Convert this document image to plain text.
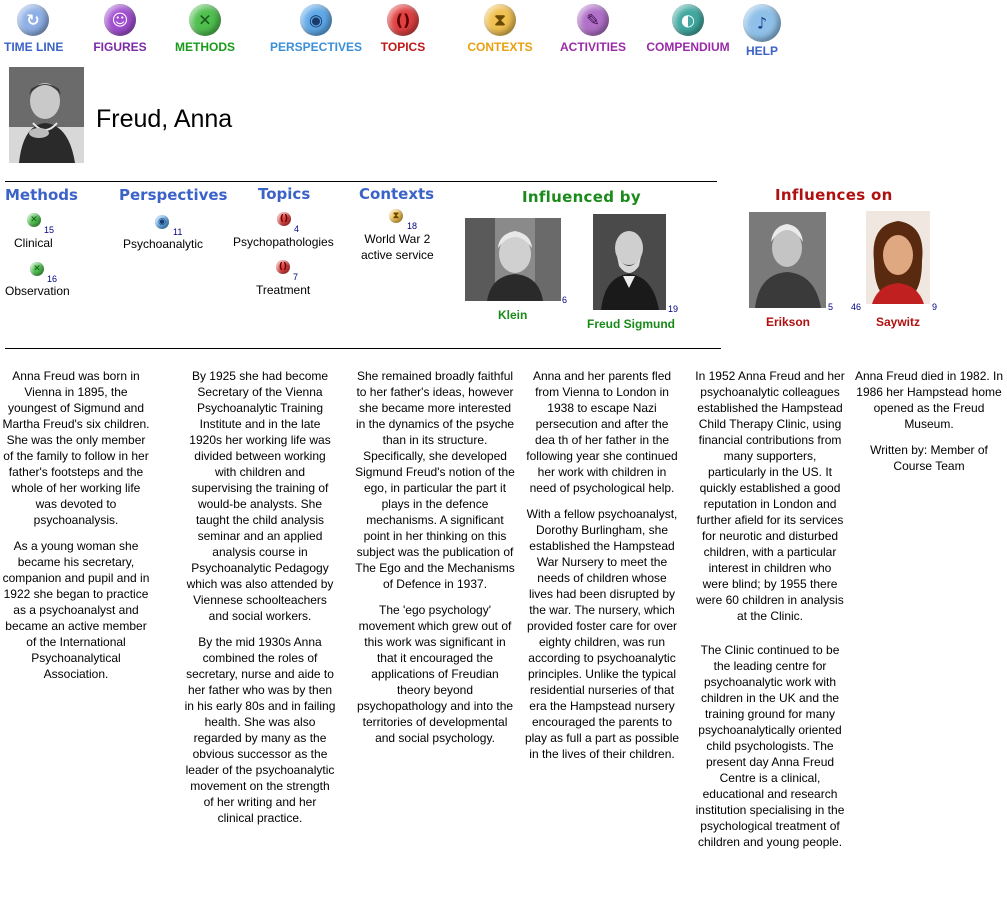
↻
TIME LINE
☺
FIGURES
✕
METHODS
◉
PERSPECTIVES
()
TOPICS
⧗
CONTEXTS
✎
ACTIVITIES
◐
COMPENDIUM
♪
HELP
Freud, Anna
Methods
✕
15
Clinical
✕
16
Observation
Perspectives
◉
11
Psychoanalytic
Topics
()
4
Psychopathologies
()
7
Treatment
Contexts
⧗
18
World War 2
active service
Influenced by
6
Klein	19
Freud Sigmund
Influences on
5
Erikson
46	9
Saywitz

Anna Freud was born in Vienna in 1895, the youngest of Sigmund and Martha Freud's six children. She was the only member of the family to follow in her father's footsteps and the whole of her working life was devoted to psychoanalysis.

As a young woman she became his secretary, companion and pupil and in 1922 she began to practice as a psychoanalyst and became an active member of the International Psychoanalytical Association.

By 1925 she had become Secretary of the Vienna Psychoanalytic Training Institute and in the late 1920s her working life was divided between working with children and supervising the training of would-be analysts. She taught the child analysis seminar and an applied analysis course in Psychoanalytic Pedagogy which was also attended by Viennese schoolteachers and social workers.

By the mid 1930s Anna combined the roles of secretary, nurse and aide to her father who was by then in his early 80s and in failing health. She was also regarded by many as the obvious successor as the leader of the psychoanalytic movement on the strength of her writing and her clinical practice.

She remained broadly faithful to her father's ideas, however she became more interested in the dynamics of the psyche than in its structure. Specifically, she developed Sigmund Freud's notion of the ego, in particular the part it plays in the defence mechanisms. A significant point in her thinking on this subject was the publication of The Ego and the Mechanisms of Defence in 1937.

The 'ego psychology' movement which grew out of this work was significant in that it encouraged the applications of Freudian theory beyond psychopathology and into the territories of developmental and social psychology.

Anna and her parents fled from Vienna to London in 1938 to escape Nazi persecution and after the dea th of her father in the following year she continued her work with children in need of psychological help.

With a fellow psychoanalyst, Dorothy Burlingham, she established the Hampstead War Nursery to meet the needs of children whose lives had been disrupted by the war. The nursery, which provided foster care for over eighty children, was run according to psychoanalytic principles. Unlike the typical residential nurseries of that era the Hampstead nursery encouraged the parents to play as full a part as possible in the lives of their children.

In 1952 Anna Freud and her psychoanalytic colleagues established the Hampstead Child Therapy Clinic, using financial contributions from many supporters, particularly in the US. It quickly established a good reputation in London and further afield for its services for neurotic and disturbed children, with a particular interest in children who were blind; by 1955 there were 60 children in analysis at the Clinic.

The Clinic continued to be the leading centre for psychoanalytic work with children in the UK and the training ground for many psychoanalytically oriented child psychologists. The present day Anna Freud Centre is a clinical, educational and research institution specialising in the psychological treatment of children and young people.

Anna Freud died in 1982. In 1986 her Hampstead home opened as the Freud Museum.

Written by: Member of Course Team
